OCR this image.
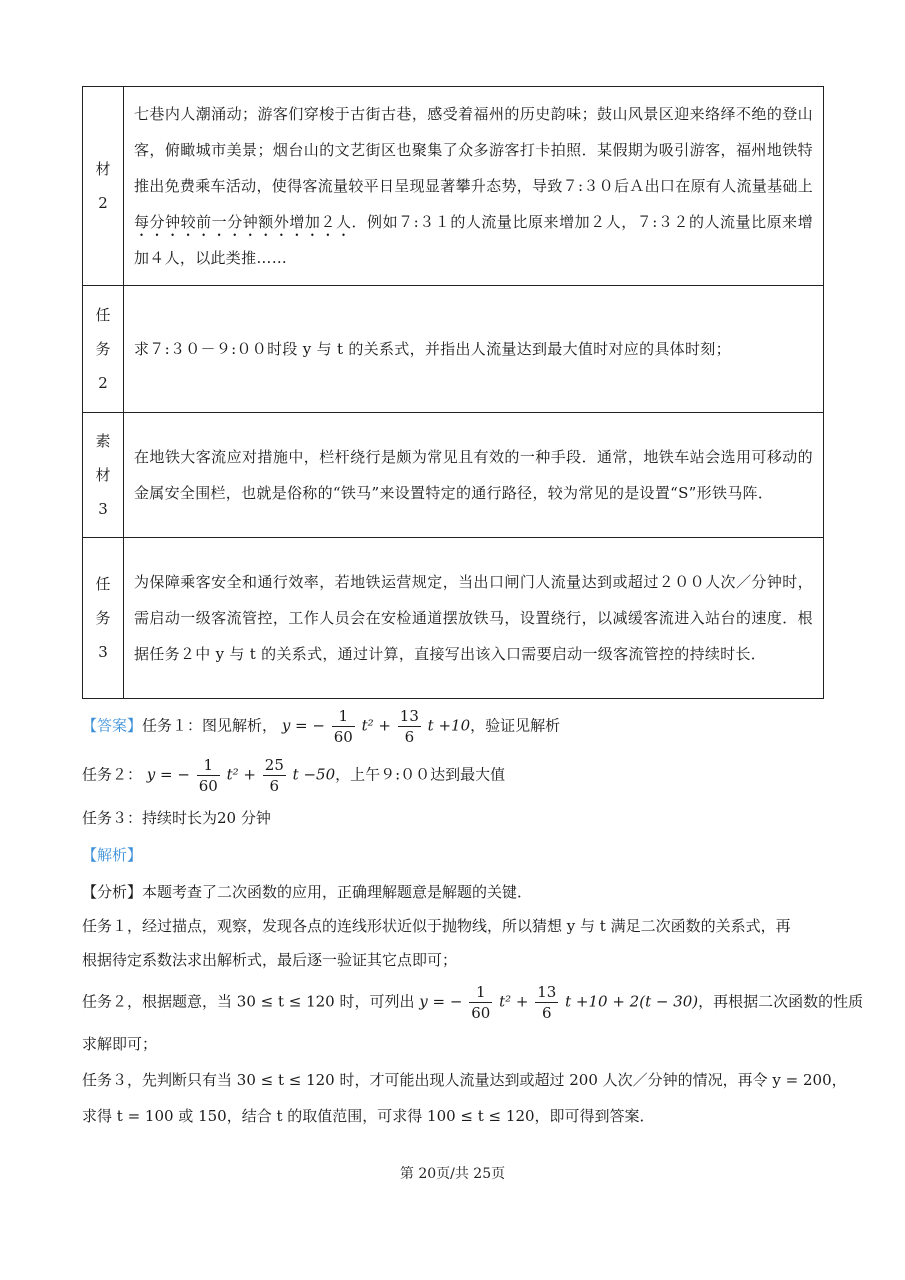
材
2	七巷内人潮涌动；游客们穿梭于古街古巷，感受着福州的历史韵味；鼓山风景区迎来络绎不绝的登山客，俯瞰城市美景；烟台山的文艺街区也聚集了众多游客打卡拍照．某假期为吸引游客，福州地铁特推出免费乘车活动，使得客流量较平日呈现显著攀升态势，导致７:３０后Ａ出口在原有人流量基础上每分钟较前一分钟额外增加２人．例如７:３１的人流量比原来增加２人，７:３２的人流量比原来增加４人，以此类推……

任
务
2	求７:３０－９:００时段 y 与 t 的关系式，并指出人流量达到最大值时对应的具体时刻；

素
材
3	在地铁大客流应对措施中，栏杆绕行是颇为常见且有效的一种手段．通常，地铁车站会选用可移动的金属安全围栏，也就是俗称的“铁马”来设置特定的通行路径，较为常见的是设置“S”形铁马阵．

任
务
3	为保障乘客安全和通行效率，若地铁运营规定，当出口闸门人流量达到或超过２００人次／分钟时，需启动一级客流管控，工作人员会在安检通道摆放铁马，设置绕行，以减缓客流进入站台的速度．根据任务２中 y 与 t 的关系式，通过计算，直接写出该入口需要启动一级客流管控的持续时长．
【答案】任务１：图见解析， y = − $\frac{1}{60} t^2 + \frac{13}{6}$ t +10，验证见解析
任务２： y = − $\frac{1}{60} t^2 + \frac{25}{6}$ t −50，上午９:００达到最大值
任务３：持续时长为20 分钟
【解析】
【分析】本题考查了二次函数的应用，正确理解题意是解题的关键．
任务１，经过描点，观察，发现各点的连线形状近似于抛物线，所以猜想 y 与 t 满足二次函数的关系式，再
根据待定系数法求出解析式，最后逐一验证其它点即可；
任务２，根据题意，当 30 ≤ t ≤ 120 时，可列出 y = − $\frac{1}{60} t^2 + \frac{13}{6}$ t +10 + 2(t − 30)，再根据二次函数的性质
求解即可；
任务３，先判断只有当 30 ≤ t ≤ 120 时，才可能出现人流量达到或超过 200 人次／分钟的情况，再令 y = 200，
求得 t = 100 或 150，结合 t 的取值范围，可求得 100 ≤ t ≤ 120，即可得到答案．
第 20页/共 25页
